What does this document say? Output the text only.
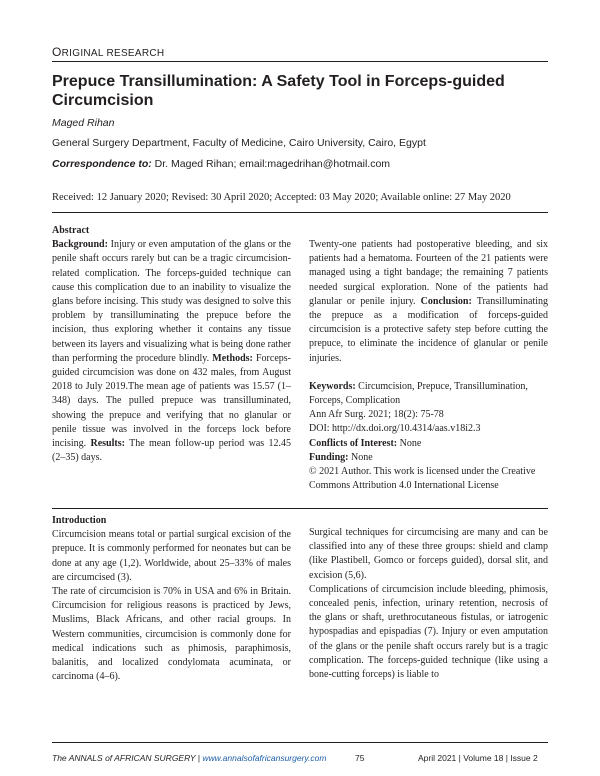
ORIGINAL RESEARCH
Prepuce Transillumination: A Safety Tool in Forceps-guided Circumcision
Maged Rihan
General Surgery Department, Faculty of Medicine, Cairo University, Cairo, Egypt
Correspondence to: Dr. Maged Rihan; email:magedrihan@hotmail.com
Received: 12 January 2020; Revised: 30 April 2020; Accepted: 03 May 2020; Available online: 27 May 2020

Abstract

Background: Injury or even amputation of the glans or the penile shaft occurs rarely but can be a tragic circumcision-related complication. The forceps-guided technique can cause this complication due to an inability to visualize the glans before incising. This study was designed to solve this problem by transilluminating the prepuce before the incision, thus exploring whether it contains any tissue between its layers and visualizing what is being done rather than performing the procedure blindly. Methods: Forceps-guided circumcision was done on 432 males, from August 2018 to July 2019.The mean age of patients was 15.57 (1–348) days. The pulled prepuce was transilluminated, showing the prepuce and verifying that no glanular or penile tissue was involved in the forceps lock before incising. Results: The mean follow-up period was 12.45 (2–35) days.

Twenty-one patients had postoperative bleeding, and six patients had a hematoma. Fourteen of the 21 patients were managed using a tight bandage; the remaining 7 patients needed surgical exploration. None of the patients had glanular or penile injury. Conclusion: Transilluminating the prepuce as a modification of forceps-guided circumcision is a protective safety step before cutting the prepuce, to eliminate the incidence of glanular or penile injuries.

Keywords: Circumcision, Prepuce, Transillumination, Forceps, Complication

Ann Afr Surg. 2021; 18(2): 75-78

DOI: http://dx.doi.org/10.4314/aas.v18i2.3

Conflicts of Interest: None

Funding: None

© 2021 Author. This work is licensed under the Creative Commons Attribution 4.0 International License

Introduction

Circumcision means total or partial surgical excision of the prepuce. It is commonly performed for neonates but can be done at any age (1,2). Worldwide, about 25–33% of males are circumcised (3).

The rate of circumcision is 70% in USA and 6% in Britain. Circumcision for religious reasons is practiced by Jews, Muslims, Black Africans, and other racial groups. In Western communities, circumcision is commonly done for medical indications such as phimosis, paraphimosis, balanitis, and localized condylomata acuminata, or carcinoma (4–6).

Surgical techniques for circumcising are many and can be classified into any of these three groups: shield and clamp (like Plastibell, Gomco or forceps guided), dorsal slit, and excision (5,6).

Complications of circumcision include bleeding, phimosis, concealed penis, infection, urinary retention, necrosis of the glans or shaft, urethrocutaneous fistulas, or iatrogenic hypospadias and epispadias (7). Injury or even amputation of the glans or the penile shaft occurs rarely but is a tragic complication. The forceps-guided technique (like using a bone-cutting forceps) is liable to

The ANNALS of AFRICAN SURGERY | www.annalsofafricansurgery.com	75	April 2021 | Volume 18 | Issue 2
